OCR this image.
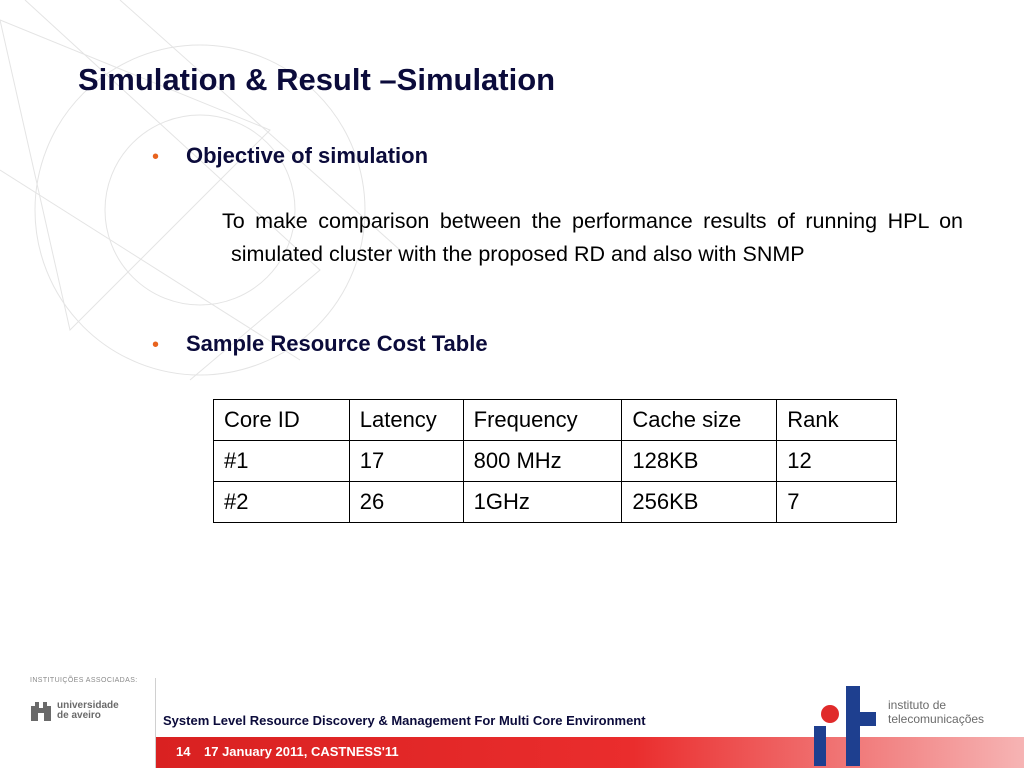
Simulation & Result –Simulation
•	Objective of simulation

To make comparison between the performance results of running HPL on simulated cluster with the proposed RD and also with SNMP

•	Sample Resource Cost Table
Core ID	Latency	Frequency	Cache size	Rank
#1	17	800 MHz	128KB	12
#2	26	1GHz	256KB	7
INSTITUIÇÕES ASSOCIADAS:
universidade
de aveiro	System Level Resource Discovery & Management For Multi Core Environment
14 17 January 2011, CASTNESS'11
instituto de
telecomunicações
